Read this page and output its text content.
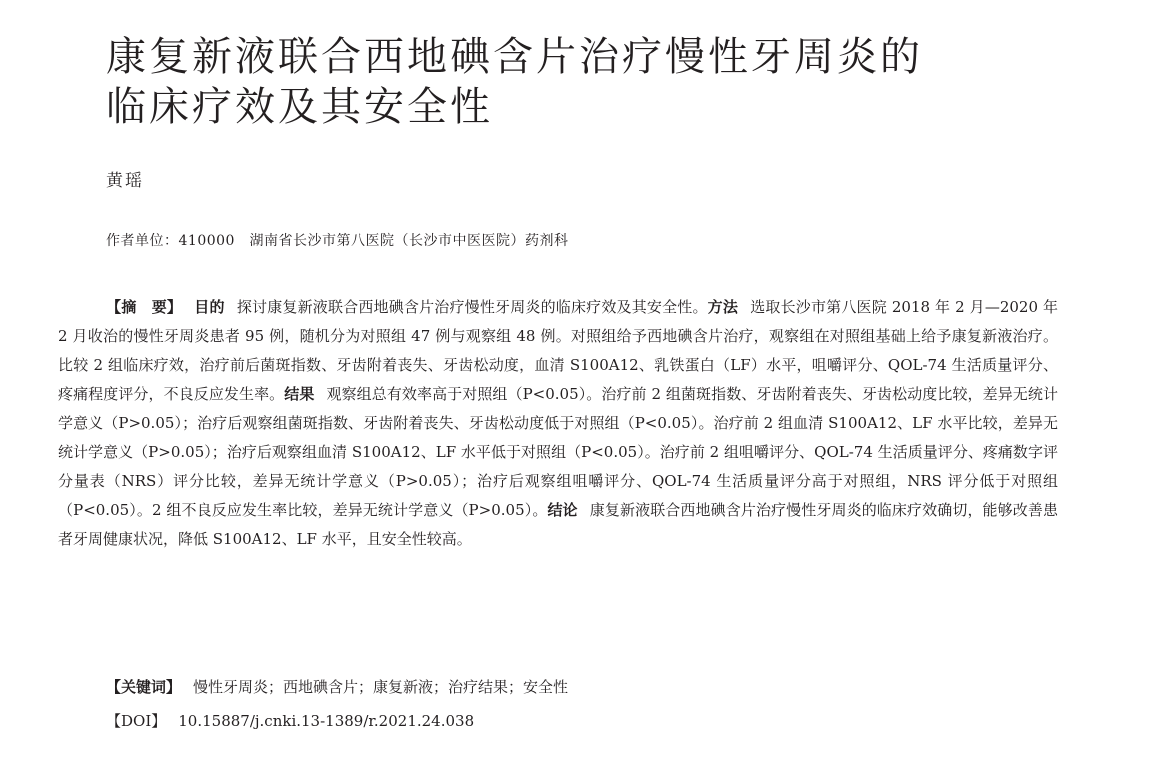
康复新液联合西地碘含片治疗慢性牙周炎的
临床疗效及其安全性
黄瑶
作者单位：410000　湖南省长沙市第八医院（长沙市中医医院）药剂科

【摘　要】 目的 探讨康复新液联合西地碘含片治疗慢性牙周炎的临床疗效及其安全性。方法 选取长沙市第八医院 2018 年 2 月—2020 年 2 月收治的慢性牙周炎患者 95 例，随机分为对照组 47 例与观察组 48 例。对照组给予西地碘含片治疗，观察组在对照组基础上给予康复新液治疗。比较 2 组临床疗效，治疗前后菌斑指数、牙齿附着丧失、牙齿松动度，血清 S100A12、乳铁蛋白（LF）水平，咀嚼评分、QOL-74 生活质量评分、疼痛程度评分，不良反应发生率。结果 观察组总有效率高于对照组（P<0.05）。治疗前 2 组菌斑指数、牙齿附着丧失、牙齿松动度比较，差异无统计学意义（P>0.05）；治疗后观察组菌斑指数、牙齿附着丧失、牙齿松动度低于对照组（P<0.05）。治疗前 2 组血清 S100A12、LF 水平比较，差异无统计学意义（P>0.05）；治疗后观察组血清 S100A12、LF 水平低于对照组（P<0.05）。治疗前 2 组咀嚼评分、QOL-74 生活质量评分、疼痛数字评分量表（NRS）评分比较，差异无统计学意义（P>0.05）；治疗后观察组咀嚼评分、QOL-74 生活质量评分高于对照组，NRS 评分低于对照组（P<0.05）。2 组不良反应发生率比较，差异无统计学意义（P>0.05）。结论 康复新液联合西地碘含片治疗慢性牙周炎的临床疗效确切，能够改善患者牙周健康状况，降低 S100A12、LF 水平，且安全性较高。

【关键词】 慢性牙周炎；西地碘含片；康复新液；治疗结果；安全性
【DOI】 10.15887/j.cnki.13-1389/r.2021.24.038
